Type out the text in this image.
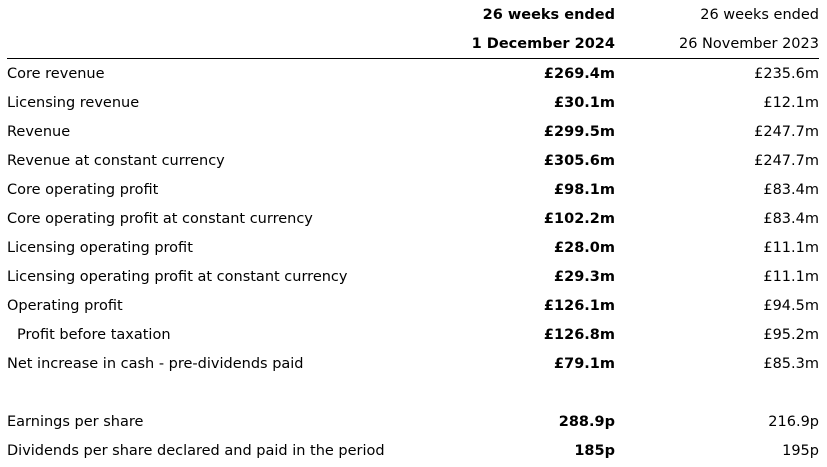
	26 weeks ended	26 weeks ended
	1 December 2024	26 November 2023
Core revenue	£269.4m	£235.6m
Licensing revenue	£30.1m	£12.1m
Revenue	£299.5m	£247.7m
Revenue at constant currency	£305.6m	£247.7m
Core operating profit	£98.1m	£83.4m
Core operating profit at constant currency	£102.2m	£83.4m
Licensing operating profit	£28.0m	£11.1m
Licensing operating profit at constant currency	£29.3m	£11.1m
Operating profit	£126.1m	£94.5m
Profit before taxation	£126.8m	£95.2m
Net increase in cash - pre-dividends paid	£79.1m	£85.3m

Earnings per share	288.9p	216.9p
Dividends per share declared and paid in the period	185p	195p
